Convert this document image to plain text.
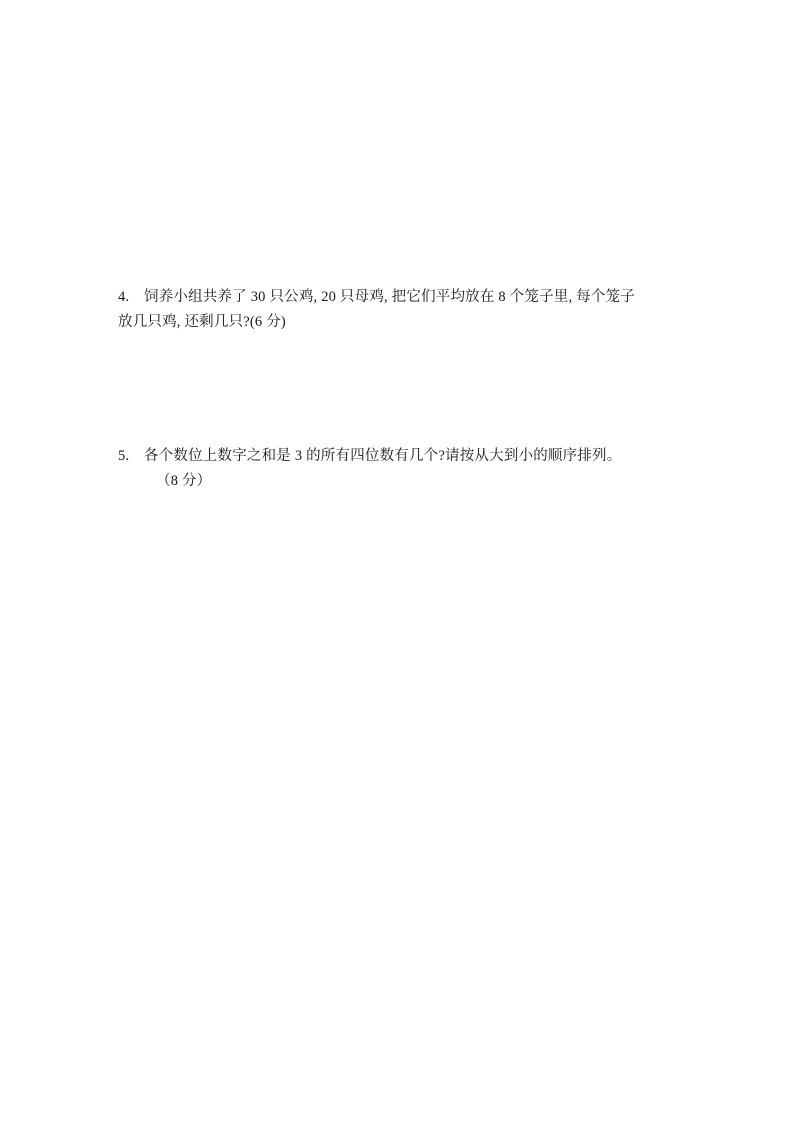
4.	饲养小组共养了 30 只公鸡, 20 只母鸡, 把它们平均放在 8 个笼子里, 每个笼子
放几只鸡, 还剩几只?(6 分)
5.	各个数位上数字之和是 3 的所有四位数有几个?请按从大到小的顺序排列。
（8 分）
